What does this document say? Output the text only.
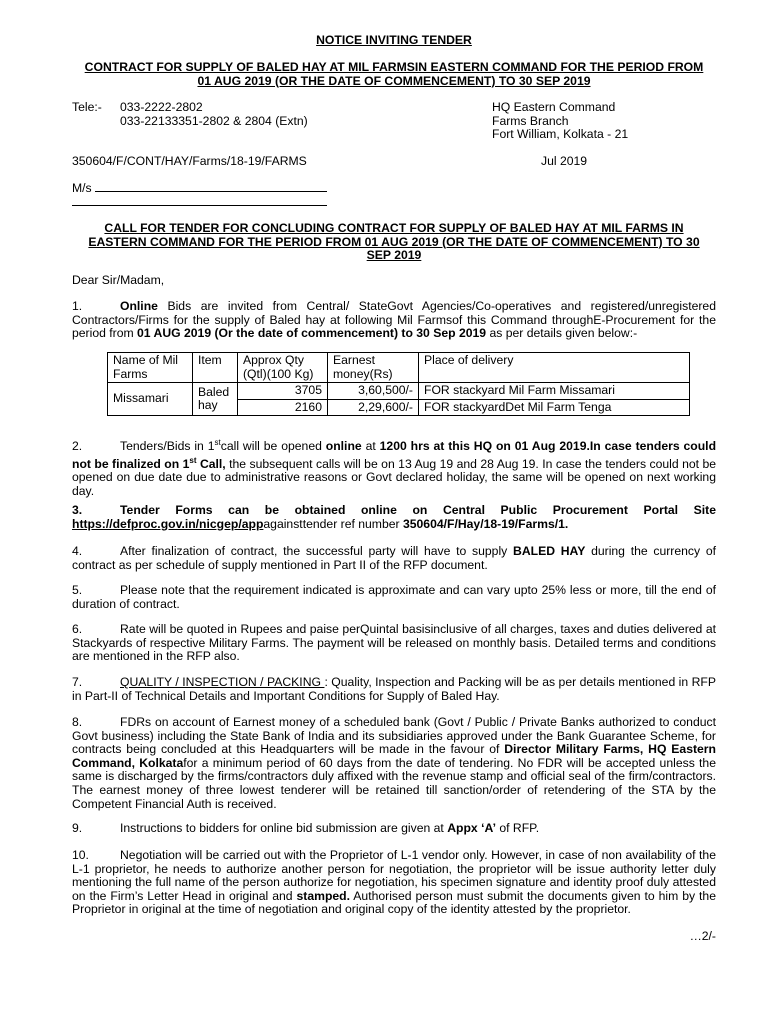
NOTICE INVITING TENDER
CONTRACT FOR SUPPLY OF BALED HAY AT MIL FARMSIN EASTERN COMMAND FOR THE PERIOD FROM
01 AUG 2019 (OR THE DATE OF COMMENCEMENT) TO 30 SEP 2019
Tele:- 033-2222-2802
033-22133351-2802 & 2804 (Extn)
HQ Eastern Command
Farms Branch
Fort William, Kolkata - 21
350604/F/CONT/HAY/Farms/18-19/FARMS	Jul 2019
M/s
CALL FOR TENDER FOR CONCLUDING CONTRACT FOR SUPPLY OF BALED HAY AT MIL FARMS IN
EASTERN COMMAND FOR THE PERIOD FROM 01 AUG 2019 (OR THE DATE OF COMMENCEMENT) TO 30
SEP 2019
Dear Sir/Madam,
1.	Online Bids are invited from Central/ StateGovt Agencies/Co-operatives and registered/unregistered Contractors/Firms for the supply of Baled hay at following Mil Farmsof this Command throughE-Procurement for the period from 01 AUG 2019 (Or the date of commencement) to 30 Sep 2019 as per details given below:-
Name of Mil Farms	Item	Approx Qty (Qtl)(100 Kg)	Earnest money(Rs)	Place of delivery
Missamari	Baled hay	3705	3,60,500/-	FOR stackyard Mil Farm Missamari
		2160	2,29,600/-	FOR stackyardDet Mil Farm Tenga
2.	Tenders/Bids in 1stcall will be opened online at 1200 hrs at this HQ on 01 Aug 2019.In case tenders could not be finalized on 1st Call, the subsequent calls will be on 13 Aug 19 and 28 Aug 19. In case the tenders could not be opened on due date due to administrative reasons or Govt declared holiday, the same will be opened on next working day.
3.	Tender Forms can be obtained online on Central Public Procurement Portal Site
https://defproc.gov.in/nicgep/appagainsttender ref number 350604/F/Hay/18-19/Farms/1.
4.	After finalization of contract, the successful party will have to supply BALED HAY during the currency of contract as per schedule of supply mentioned in Part II of the RFP document.
5.	Please note that the requirement indicated is approximate and can vary upto 25% less or more, till the end of duration of contract.
6.	Rate will be quoted in Rupees and paise perQuintal basisinclusive of all charges, taxes and duties delivered at Stackyards of respective Military Farms. The payment will be released on monthly basis. Detailed terms and conditions are mentioned in the RFP also.
7.	QUALITY / INSPECTION / PACKING : Quality, Inspection and Packing will be as per details mentioned in RFP in Part-II of Technical Details and Important Conditions for Supply of Baled Hay.
8.	FDRs on account of Earnest money of a scheduled bank (Govt / Public / Private Banks authorized to conduct Govt business) including the State Bank of India and its subsidiaries approved under the Bank Guarantee Scheme, for contracts being concluded at this Headquarters will be made in the favour of Director Military Farms, HQ Eastern Command, Kolkatafor a minimum period of 60 days from the date of tendering. No FDR will be accepted unless the same is discharged by the firms/contractors duly affixed with the revenue stamp and official seal of the firm/contractors. The earnest money of three lowest tenderer will be retained till sanction/order of retendering of the STA by the Competent Financial Auth is received.
9.	Instructions to bidders for online bid submission are given at Appx ‘A’ of RFP.
10.	Negotiation will be carried out with the Proprietor of L-1 vendor only. However, in case of non availability of the L-1 proprietor, he needs to authorize another person for negotiation, the proprietor will be issue authority letter duly mentioning the full name of the person authorize for negotiation, his specimen signature and identity proof duly attested on the Firm’s Letter Head in original and stamped. Authorised person must submit the documents given to him by the Proprietor in original at the time of negotiation and original copy of the identity attested by the proprietor.
…2/-
